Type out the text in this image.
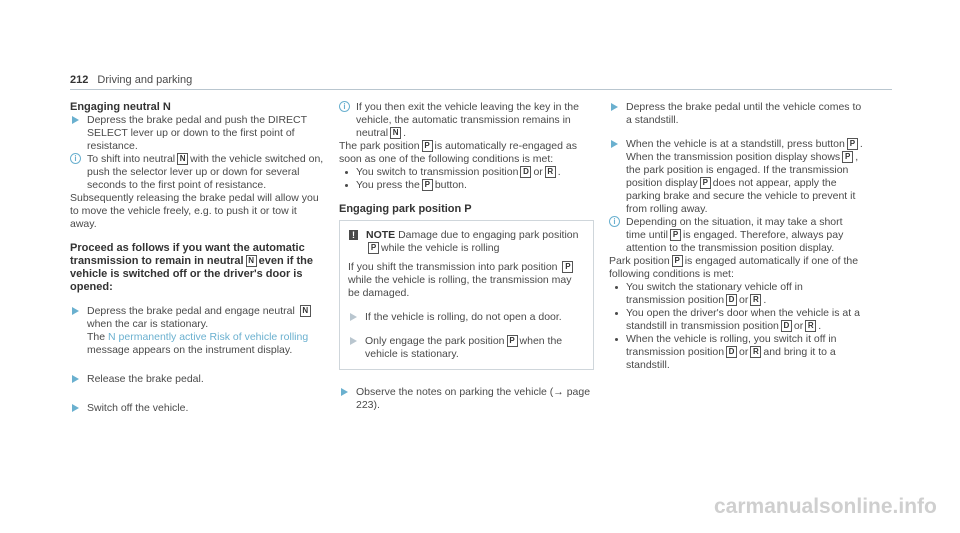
212 Driving and parking

Engaging neutral N

Depress the brake pedal and push the DIRECT SELECT lever up or down to the first point of resistance.

i To shift into neutral N with the vehicle switched on, push the selector lever up or down for several seconds to the first point of resistance.

Subsequently releasing the brake pedal will allow you to move the vehicle freely, e.g. to push it or tow it away.

Proceed as follows if you want the automatic transmission to remain in neutral N even if the vehicle is switched off or the driver's door is opened:

Depress the brake pedal and engage neutral Nwhen the car is stationary.
The N permanently active Risk of vehicle rolling message appears on the instrument display.

Release the brake pedal.

Switch off the vehicle.

i If you then exit the vehicle leaving the key in the vehicle, the automatic transmission remains in neutral N .

The park position P is automatically re-engaged as soon as one of the following conditions is met:

You switch to transmission position D or R .

You press the P button.

Engaging park position P

! NOTE Damage due to engaging park positionP while the vehicle is rolling

If you shift the transmission into park position Pwhile the vehicle is rolling, the transmission may be damaged.

If the vehicle is rolling, do not open a door.

Only engage the park position P when the vehicle is stationary.

Observe the notes on parking the vehicle (→ page 223).

Depress the brake pedal until the vehicle comes to a standstill.

When the vehicle is at a standstill, press button P .
When the transmission position display shows P , the park position is engaged. If the transmission position display P does not appear, apply the parking brake and secure the vehicle to prevent it from rolling away.

i Depending on the situation, it may take a short time until P is engaged. Therefore, always pay attention to the transmission position display.

Park position P is engaged automatically if one of the following conditions is met:

You switch the stationary vehicle off in transmission position D or R .

You open the driver's door when the vehicle is at a standstill in transmission position D or R .

When the vehicle is rolling, you switch it off in transmission position D or R and bring it to a standstill.

carmanualsonline.info
